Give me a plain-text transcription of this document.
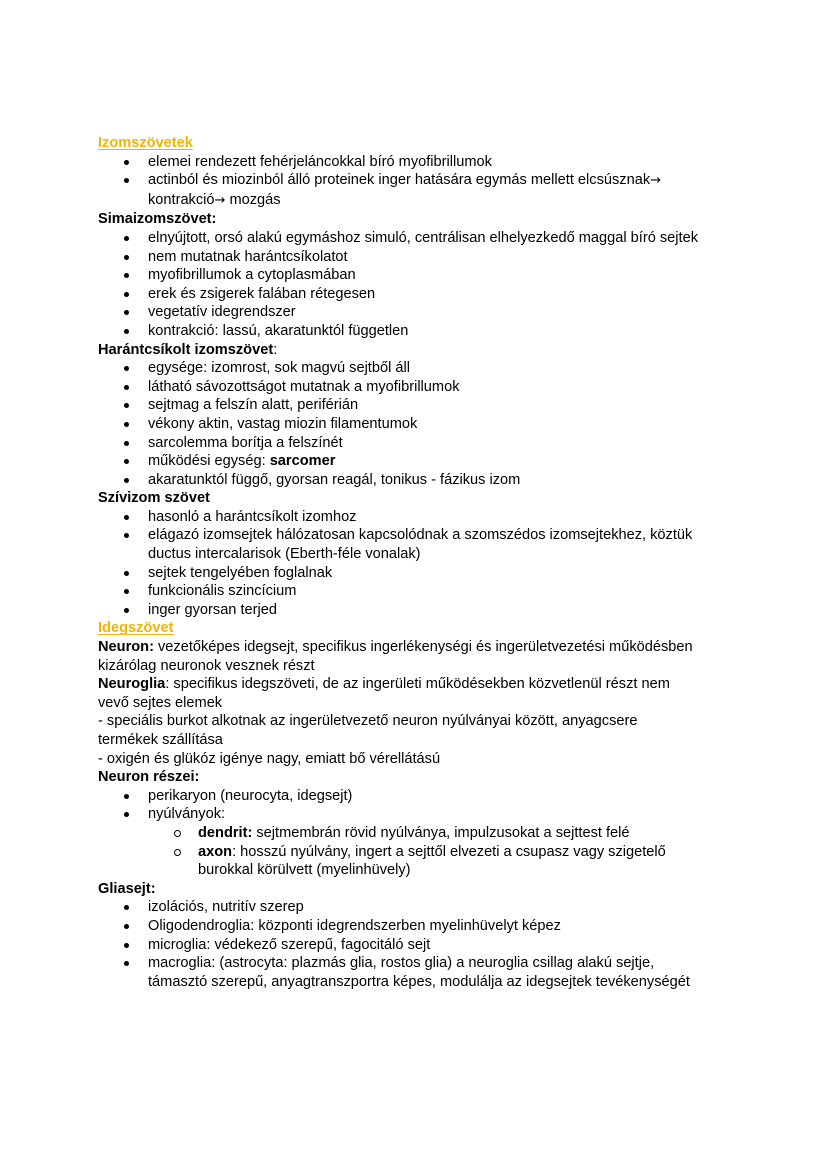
Izomszövetek
elemei rendezett fehérjeláncokkal bíró myofibrillumok
actinból és miozinból álló proteinek inger hatására egymás mellett elcsúsznak→
kontrakció→ mozgás
Simaizomszövet:
elnyújtott, orsó alakú egymáshoz simuló, centrálisan elhelyezkedő maggal bíró sejtek
nem mutatnak harántcsíkolatot
myofibrillumok a cytoplasmában
erek és zsigerek falában rétegesen
vegetatív idegrendszer
kontrakció: lassú, akaratunktól független
Harántcsíkolt izomszövet:
egysége: izomrost, sok magvú sejtből áll
látható sávozottságot mutatnak a myofibrillumok
sejtmag a felszín alatt, periférián
vékony aktin, vastag miozin filamentumok
sarcolemma borítja a felszínét
működési egység: sarcomer
akaratunktól függő, gyorsan reagál, tonikus - fázikus izom
Szívizom szövet
hasonló a harántcsíkolt izomhoz
elágazó izomsejtek hálózatosan kapcsolódnak a szomszédos izomsejtekhez, köztük
ductus intercalarisok (Eberth-féle vonalak)
sejtek tengelyében foglalnak
funkcionális szincícium
inger gyorsan terjed
Idegszövet
Neuron: vezetőképes idegsejt, specifikus ingerlékenységi és ingerületvezetési működésben
kizárólag neuronok vesznek részt
Neuroglia: specifikus idegszöveti, de az ingerületi működésekben közvetlenül részt nem
vevő sejtes elemek
- speciális burkot alkotnak az ingerületvezető neuron nyúlványai között, anyagcsere
termékek szállítása
- oxigén és glükóz igénye nagy, emiatt bő vérellátású
Neuron részei:
perikaryon (neurocyta, idegsejt)
nyúlványok:
dendrit: sejtmembrán rövid nyúlványa, impulzusokat a sejttest felé
axon: hosszú nyúlvány, ingert a sejttől elvezeti a csupasz vagy szigetelő
burokkal körülvett (myelinhüvely)
Gliasejt:
izolációs, nutritív szerep
Oligodendroglia: központi idegrendszerben myelinhüvelyt képez
microglia: védekező szerepű, fagocitáló sejt
macroglia: (astrocyta: plazmás glia, rostos glia) a neuroglia csillag alakú sejtje,
támasztó szerepű, anyagtranszportra képes, modulálja az idegsejtek tevékenységét
